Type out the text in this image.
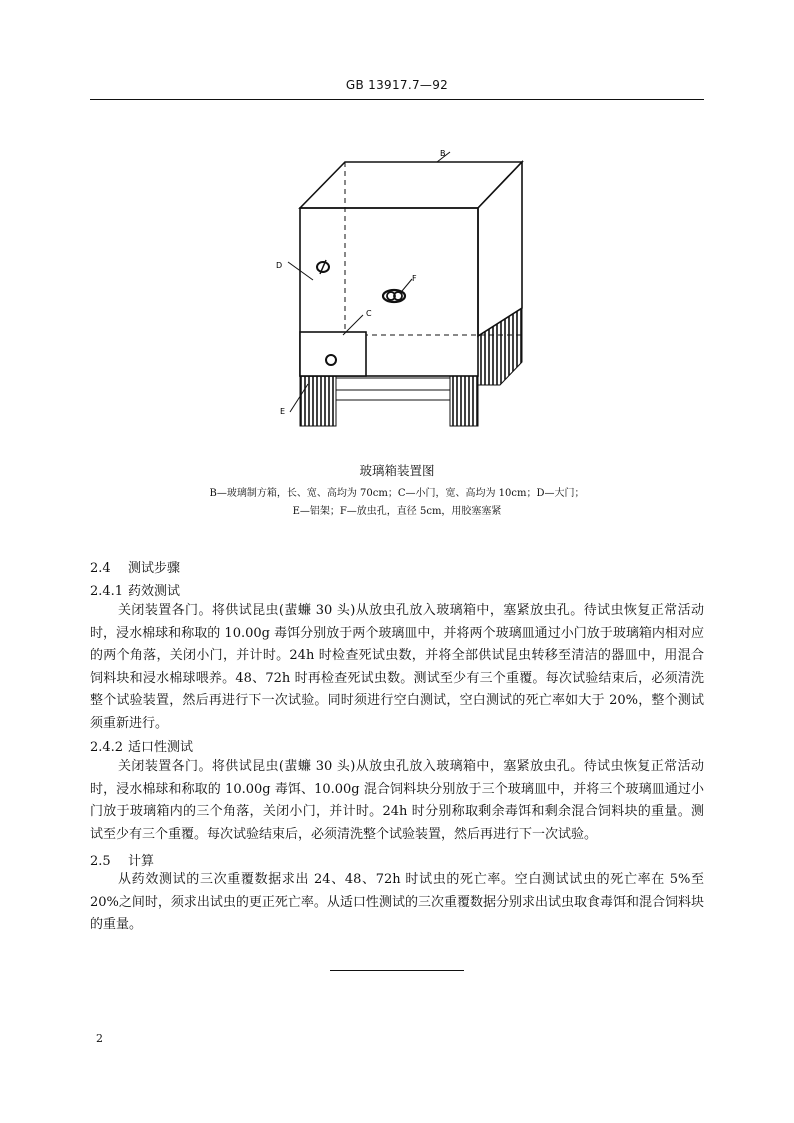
GB 13917.7—92
B
D
C
F
E
玻璃箱装置图
B—玻璃制方箱，长、宽、高均为 70cm；C—小门，宽、高均为 10cm；D—大门；
E—铝架；F—放虫孔，直径 5cm，用胶塞塞紧
2.4 测试步骤
2.4.1 药效测试

关闭装置各门。将供试昆虫(蜚蠊 30 头)从放虫孔放入玻璃箱中，塞紧放虫孔。待试虫恢复正常活动时，浸水棉球和称取的 10.00g 毒饵分别放于两个玻璃皿中，并将两个玻璃皿通过小门放于玻璃箱内相对应的两个角落，关闭小门，并计时。24h 时检查死试虫数，并将全部供试昆虫转移至清洁的器皿中，用混合饲料块和浸水棉球喂养。48、72h 时再检查死试虫数。测试至少有三个重覆。每次试验结束后，必须清洗整个试验装置，然后再进行下一次试验。同时须进行空白测试，空白测试的死亡率如大于 20%，整个测试须重新进行。

2.4.2 适口性测试

关闭装置各门。将供试昆虫(蜚蠊 30 头)从放虫孔放入玻璃箱中，塞紧放虫孔。待试虫恢复正常活动时，浸水棉球和称取的 10.00g 毒饵、10.00g 混合饲料块分别放于三个玻璃皿中，并将三个玻璃皿通过小门放于玻璃箱内的三个角落，关闭小门，并计时。24h 时分别称取剩余毒饵和剩余混合饲料块的重量。测试至少有三个重覆。每次试验结束后，必须清洗整个试验装置，然后再进行下一次试验。

2.5 计算

从药效测试的三次重覆数据求出 24、48、72h 时试虫的死亡率。空白测试试虫的死亡率在 5%至 20%之间时，须求出试虫的更正死亡率。从适口性测试的三次重覆数据分别求出试虫取食毒饵和混合饲料块的重量。

2
